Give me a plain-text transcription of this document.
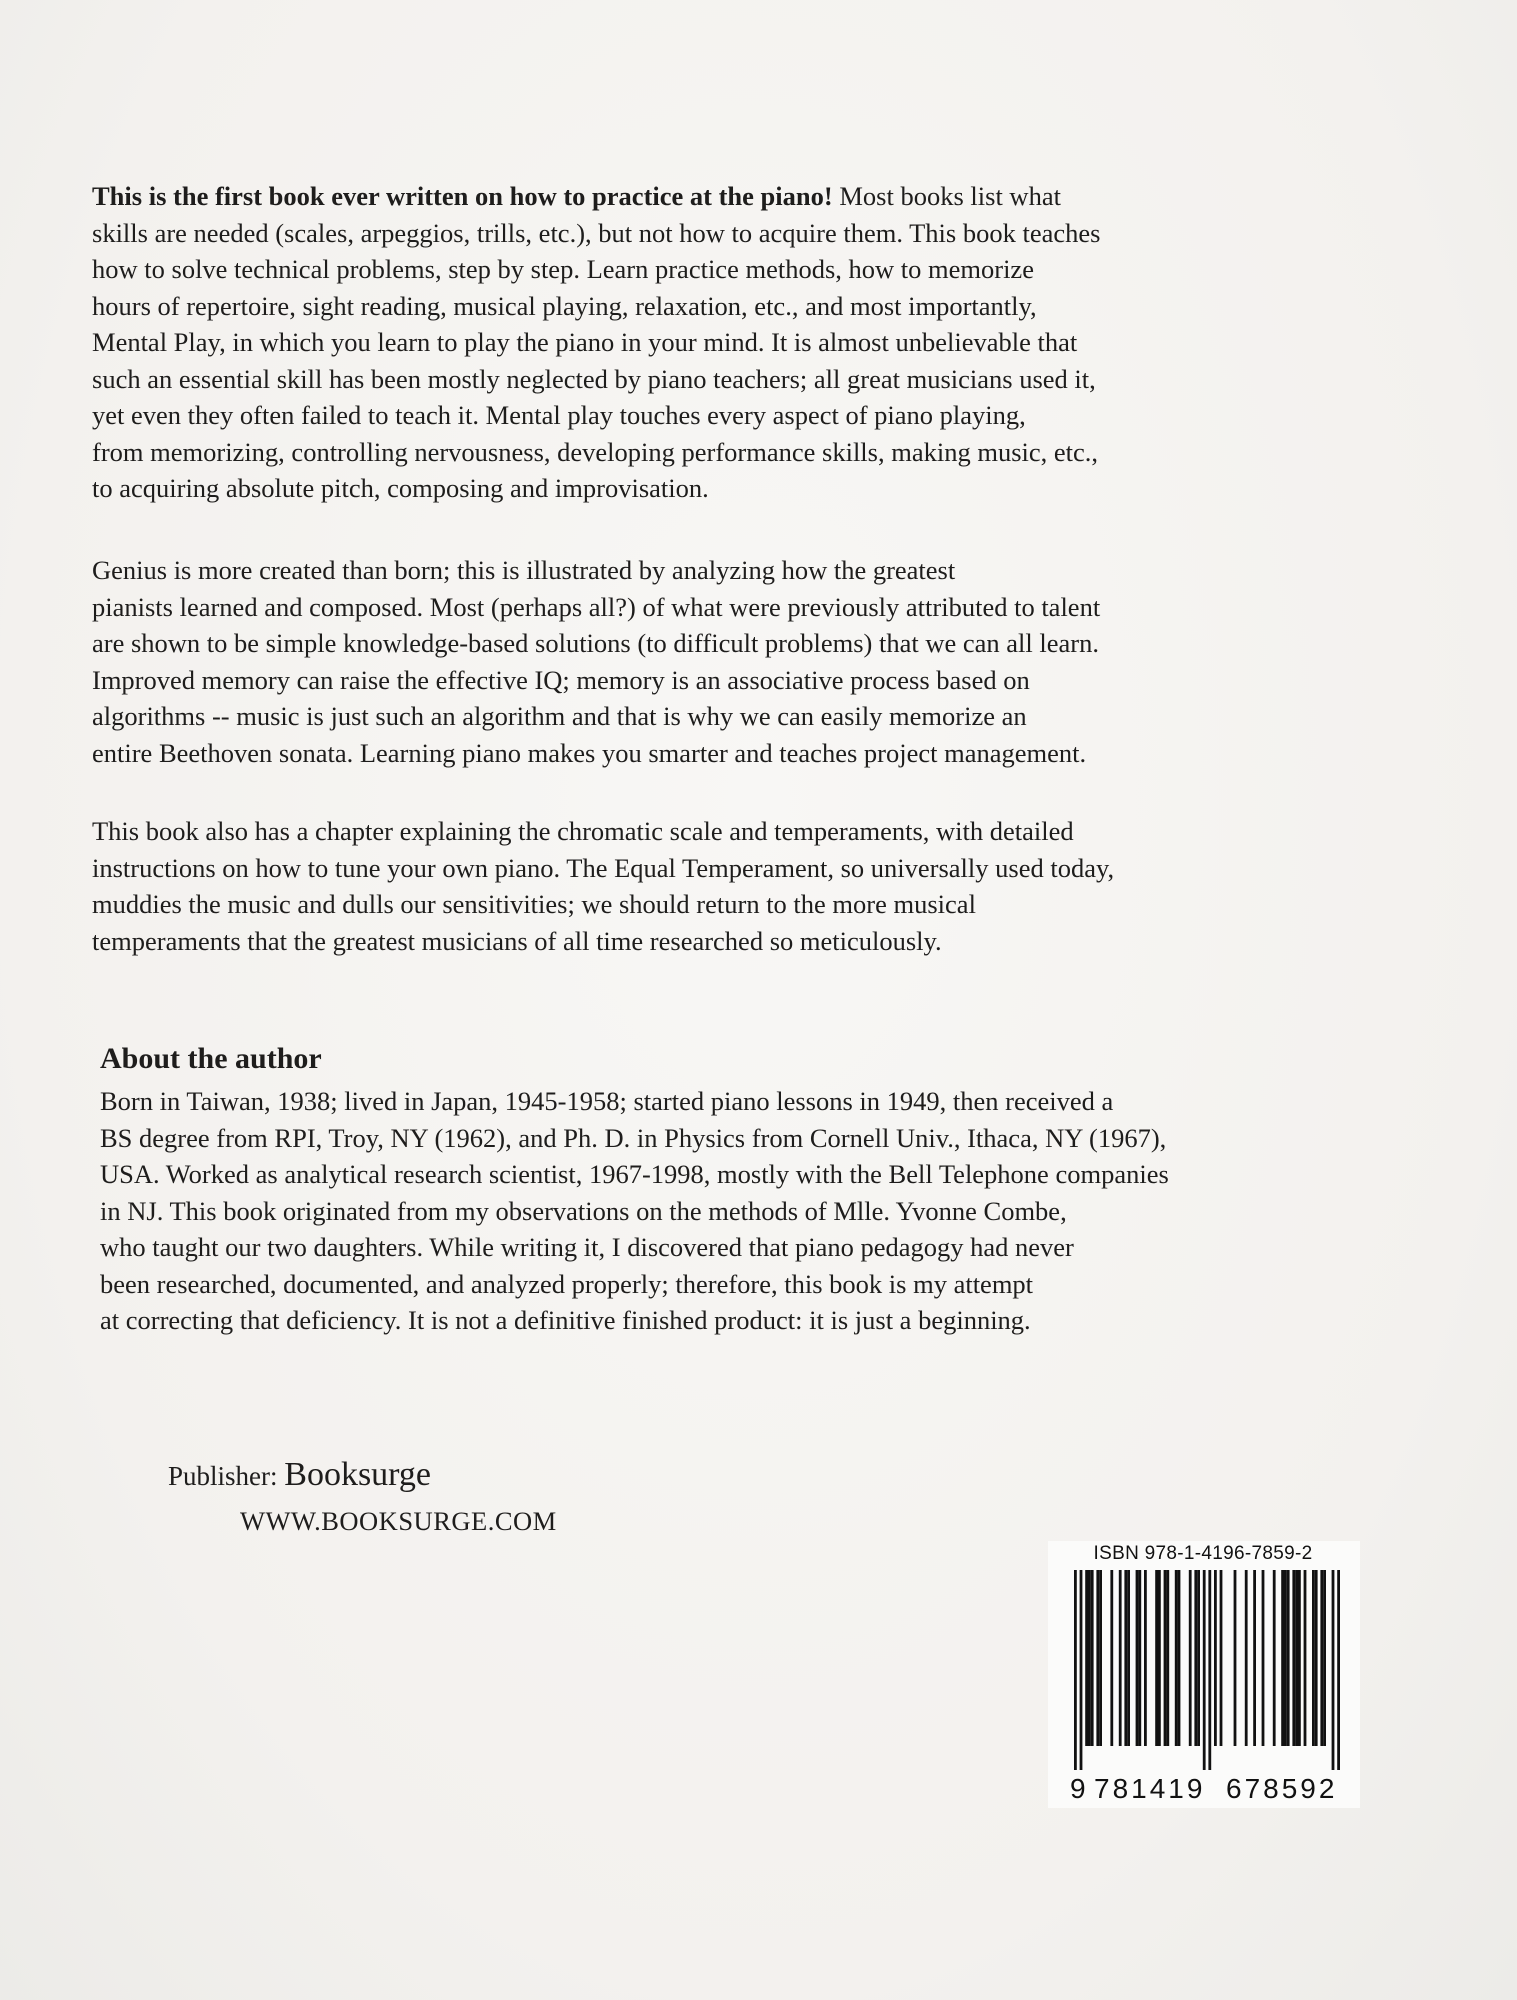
This is the first book ever written on how to practice at the piano! Most books list what
skills are needed (scales, arpeggios, trills, etc.), but not how to acquire them. This book teaches
how to solve technical problems, step by step. Learn practice methods, how to memorize
hours of repertoire, sight reading, musical playing, relaxation, etc., and most importantly,
Mental Play, in which you learn to play the piano in your mind. It is almost unbelievable that
such an essential skill has been mostly neglected by piano teachers; all great musicians used it,
yet even they often failed to teach it. Mental play touches every aspect of piano playing,
from memorizing, controlling nervousness, developing performance skills, making music, etc.,
to acquiring absolute pitch, composing and improvisation.
Genius is more created than born; this is illustrated by analyzing how the greatest
pianists learned and composed. Most (perhaps all?) of what were previously attributed to talent
are shown to be simple knowledge-based solutions (to difficult problems) that we can all learn.
Improved memory can raise the effective IQ; memory is an associative process based on
algorithms -- music is just such an algorithm and that is why we can easily memorize an
entire Beethoven sonata. Learning piano makes you smarter and teaches project management.
This book also has a chapter explaining the chromatic scale and temperaments, with detailed
instructions on how to tune your own piano. The Equal Temperament, so universally used today,
muddies the music and dulls our sensitivities; we should return to the more musical
temperaments that the greatest musicians of all time researched so meticulously.
About the author
Born in Taiwan, 1938; lived in Japan, 1945-1958; started piano lessons in 1949, then received a
BS degree from RPI, Troy, NY (1962), and Ph. D. in Physics from Cornell Univ., Ithaca, NY (1967),
USA. Worked as analytical research scientist, 1967-1998, mostly with the Bell Telephone companies
in NJ. This book originated from my observations on the methods of Mlle. Yvonne Combe,
who taught our two daughters. While writing it, I discovered that piano pedagogy had never
been researched, documented, and analyzed properly; therefore, this book is my attempt
at correcting that deficiency. It is not a definitive finished product: it is just a beginning.
Publisher: Booksurge
WWW.BOOKSURGE.COM
ISBN 978-1-4196-7859-2
9 781419 678592
